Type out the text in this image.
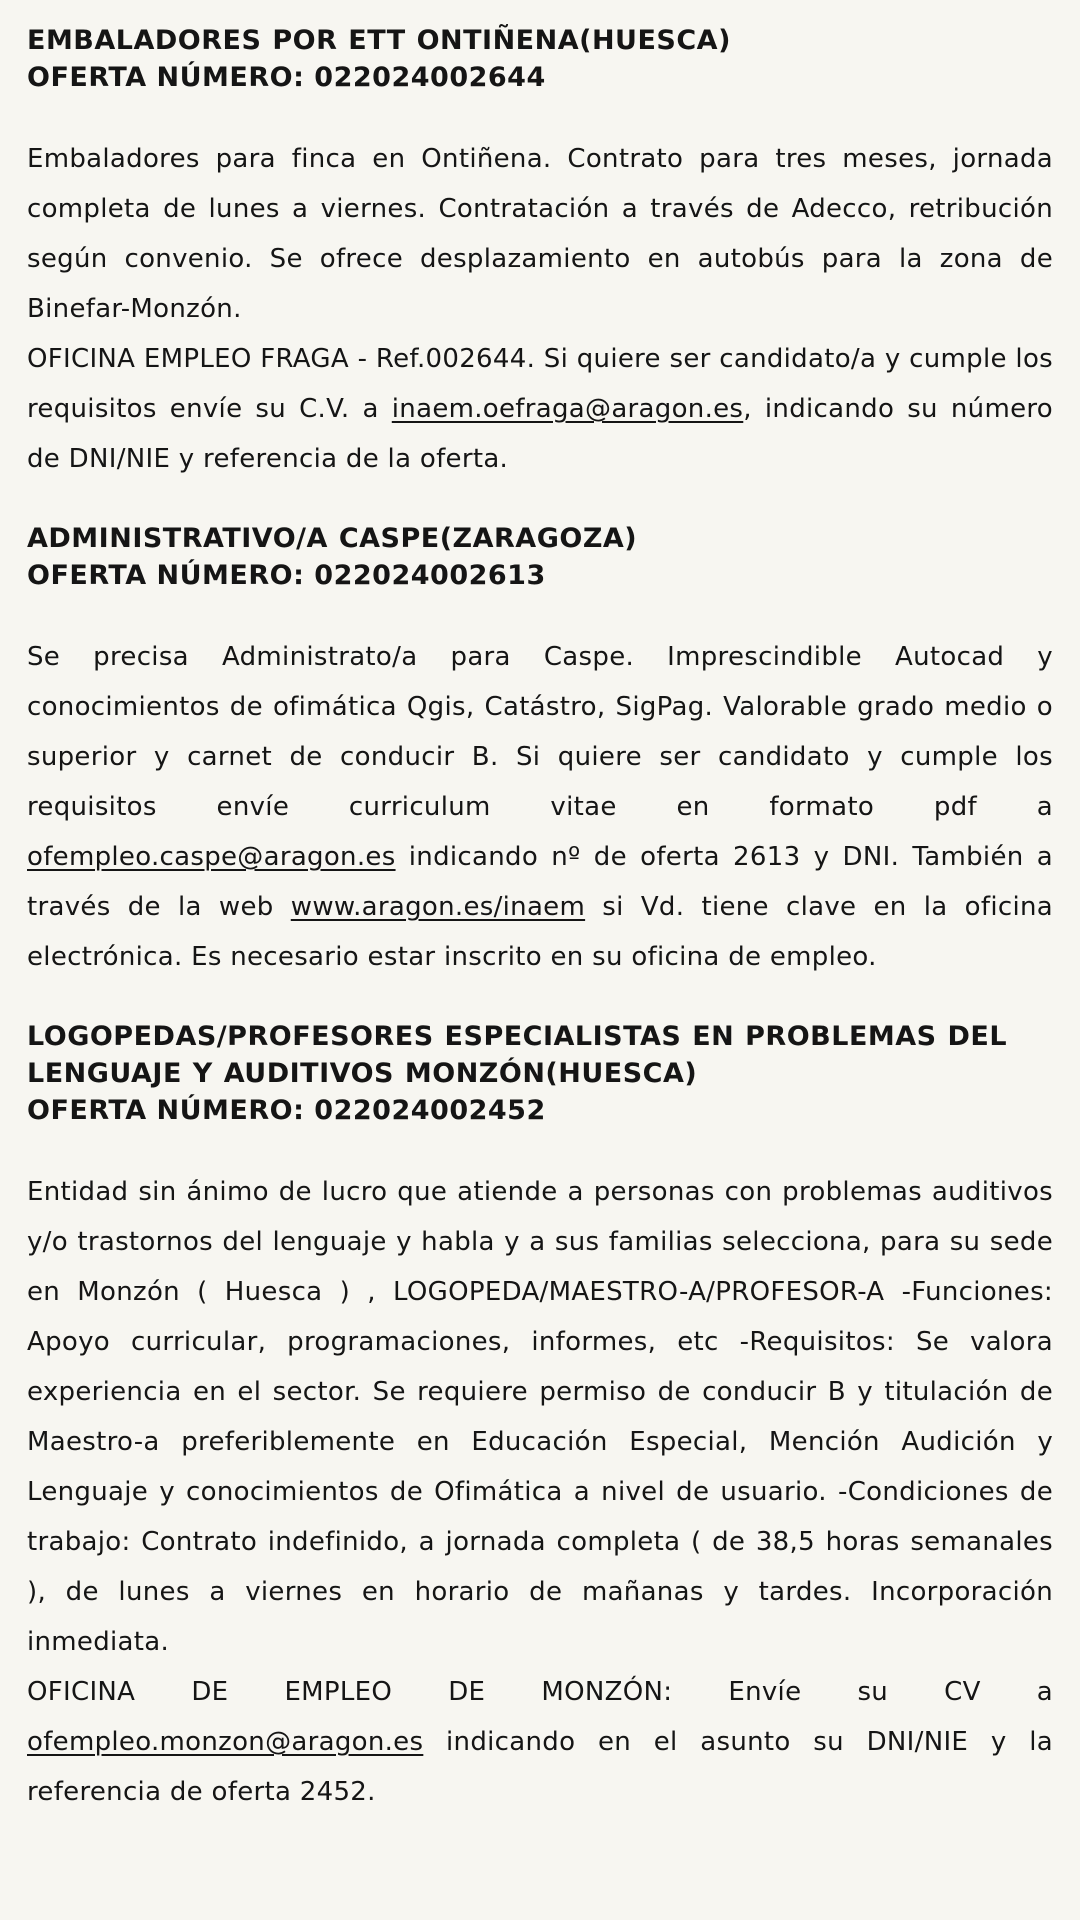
EMBALADORES POR ETT ONTIÑENA(HUESCA)
OFERTA NÚMERO: 022024002644

Embaladores para finca en Ontiñena. Contrato para tres meses, jornada completa de lunes a viernes. Contratación a través de Adecco, retribución según convenio. Se ofrece desplazamiento en autobús para la zona de Binefar-Monzón.

OFICINA EMPLEO FRAGA - Ref.002644. Si quiere ser candidato/a y cumple los requisitos envíe su C.V. a inaem.oefraga@aragon.es, indicando su número de DNI/NIE y referencia de la oferta.

ADMINISTRATIVO/A CASPE(ZARAGOZA)
OFERTA NÚMERO: 022024002613

Se precisa Administrato/a para Caspe. Imprescindible Autocad y conocimientos de ofimática Qgis, Catástro, SigPag. Valorable grado medio o superior y carnet de conducir B. Si quiere ser candidato y cumple los requisitos envíe curriculum vitae en formato pdf a ofempleo.caspe@aragon.es indicando nº de oferta 2613 y DNI. También a través de la web www.aragon.es/inaem si Vd. tiene clave en la oficina electrónica. Es necesario estar inscrito en su oficina de empleo.

LOGOPEDAS/PROFESORES ESPECIALISTAS EN PROBLEMAS DEL LENGUAJE Y AUDITIVOS MONZÓN(HUESCA)
OFERTA NÚMERO: 022024002452

Entidad sin ánimo de lucro que atiende a personas con problemas auditivos y/o trastornos del lenguaje y habla y a sus familias selecciona, para su sede en Monzón ( Huesca ) , LOGOPEDA/MAESTRO-A/PROFESOR-A -Funciones: Apoyo curricular, programaciones, informes, etc -Requisitos: Se valora experiencia en el sector. Se requiere permiso de conducir B y titulación de Maestro-a preferiblemente en Educación Especial, Mención Audición y Lenguaje y conocimientos de Ofimática a nivel de usuario. -Condiciones de trabajo: Contrato indefinido, a jornada completa ( de 38,5 horas semanales ), de lunes a viernes en horario de mañanas y tardes. Incorporación inmediata.

OFICINA DE EMPLEO DE MONZÓN: Envíe su CV a ofempleo.monzon@aragon.es indicando en el asunto su DNI/NIE y la referencia de oferta 2452.
